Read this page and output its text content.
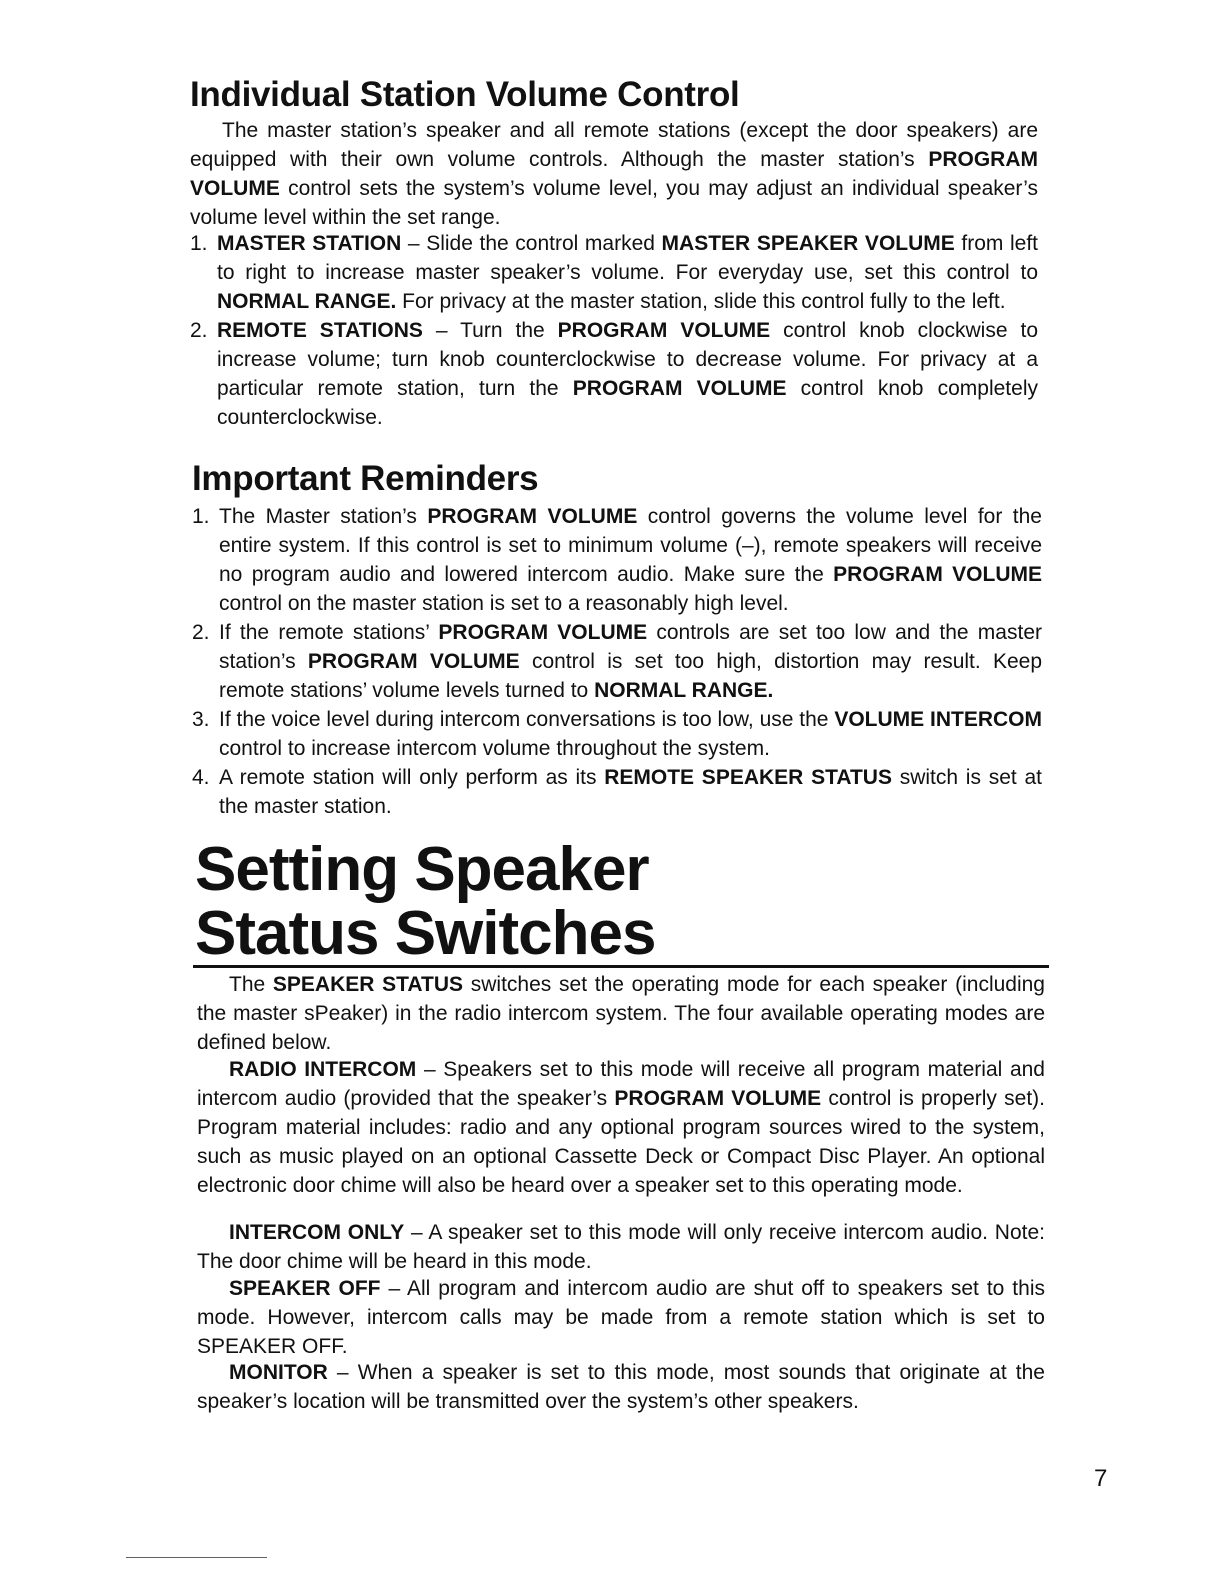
Individual Station Volume Control

The master station’s speaker and all remote stations (except the door speakers) are equipped with their own volume controls. Although the master station’s PROGRAM VOLUME control sets the system’s volume level, you may adjust an individual speaker’s volume level within the set range.

1. MASTER STATION – Slide the control marked MASTER SPEAKER VOLUME from left to right to increase master speaker’s volume. For everyday use, set this control to NORMAL RANGE. For privacy at the master station, slide this control fully to the left.
2. REMOTE STATIONS – Turn the PROGRAM VOLUME control knob clockwise to increase volume; turn knob counterclockwise to decrease volume. For privacy at a particular remote station, turn the PROGRAM VOLUME control knob completely counterclockwise.
Important Reminders
1. The Master station’s PROGRAM VOLUME control governs the volume level for the entire system. If this control is set to minimum volume (–), remote speakers will receive no program audio and lowered intercom audio. Make sure the PROGRAM VOLUME control on the master station is set to a reasonably high level.
2. If the remote stations’ PROGRAM VOLUME controls are set too low and the master station’s PROGRAM VOLUME control is set too high, distortion may result. Keep remote stations’ volume levels turned to NORMAL RANGE.
3. If the voice level during intercom conversations is too low, use the VOLUME INTERCOM control to increase intercom volume throughout the system.
4. A remote station will only perform as its REMOTE SPEAKER STATUS switch is set at the master station.
Setting Speaker
Status Switches

The SPEAKER STATUS switches set the operating mode for each speaker (including the master sPeaker) in the radio intercom system. The four available operating modes are defined below.

RADIO INTERCOM – Speakers set to this mode will receive all program material and intercom audio (provided that the speaker’s PROGRAM VOLUME control is properly set). Program material includes: radio and any optional program sources wired to the system, such as music played on an optional Cassette Deck or Compact Disc Player. An optional electronic door chime will also be heard over a speaker set to this operating mode.

INTERCOM ONLY – A speaker set to this mode will only receive intercom audio. Note: The door chime will be heard in this mode.

SPEAKER OFF – All program and intercom audio are shut off to speakers set to this mode. However, intercom calls may be made from a remote station which is set to SPEAKER OFF.

MONITOR – When a speaker is set to this mode, most sounds that originate at the speaker’s location will be transmitted over the system’s other speakers.

7
